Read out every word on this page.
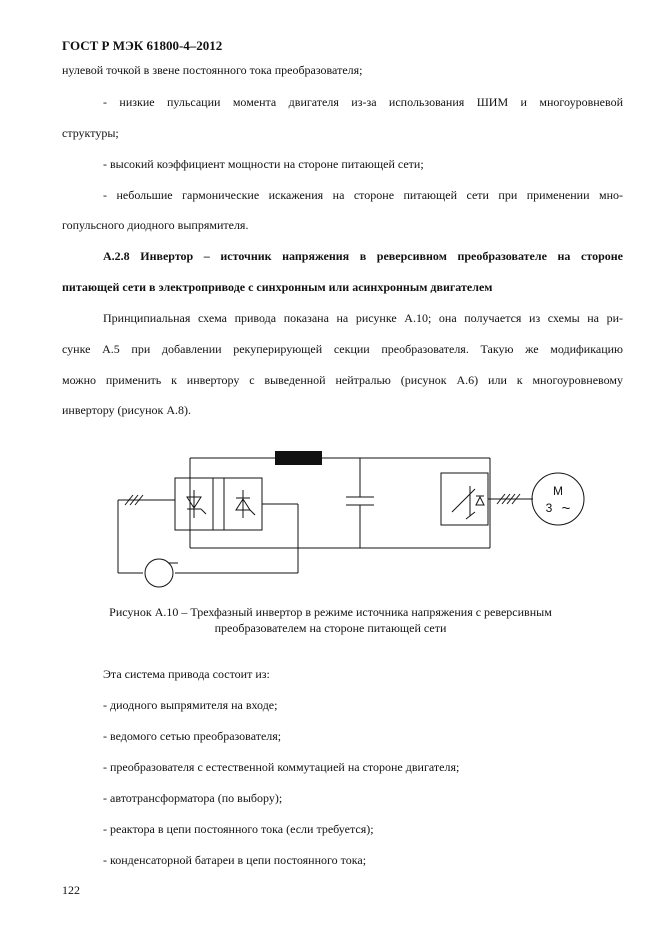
ГОСТ Р МЭК 61800-4–2012
нулевой точкой в звене постоянного тока преобразователя;
- низкие пульсации момента двигателя из-за использования ШИМ и многоуровневой
структуры;
- высокий коэффициент мощности на стороне питающей сети;
- небольшие гармонические искажения на стороне питающей сети при применении мно-
гопульсного диодного выпрямителя.
А.2.8 Инвертор – источник напряжения в реверсивном преобразователе на стороне
питающей сети в электроприводе с синхронным или асинхронным двигателем
Принципиальная схема привода показана на рисунке А.10; она получается из схемы на ри-
сунке А.5 при добавлении рекуперирующей секции преобразователя. Такую же модификацию
можно применить к инвертору с выведенной нейтралью (рисунок А.6) или к многоуровневому
инвертору (рисунок А.8).
M
3 ~
Рисунок А.10 – Трехфазный инвертор в режиме источника напряжения с реверсивным
преобразователем на стороне питающей сети
Эта система привода состоит из:
- диодного выпрямителя на входе;
- ведомого сетью преобразователя;
- преобразователя с естественной коммутацией на стороне двигателя;
- автотрансформатора (по выбору);
- реактора в цепи постоянного тока (если требуется);
- конденсаторной батареи в цепи постоянного тока;
122
